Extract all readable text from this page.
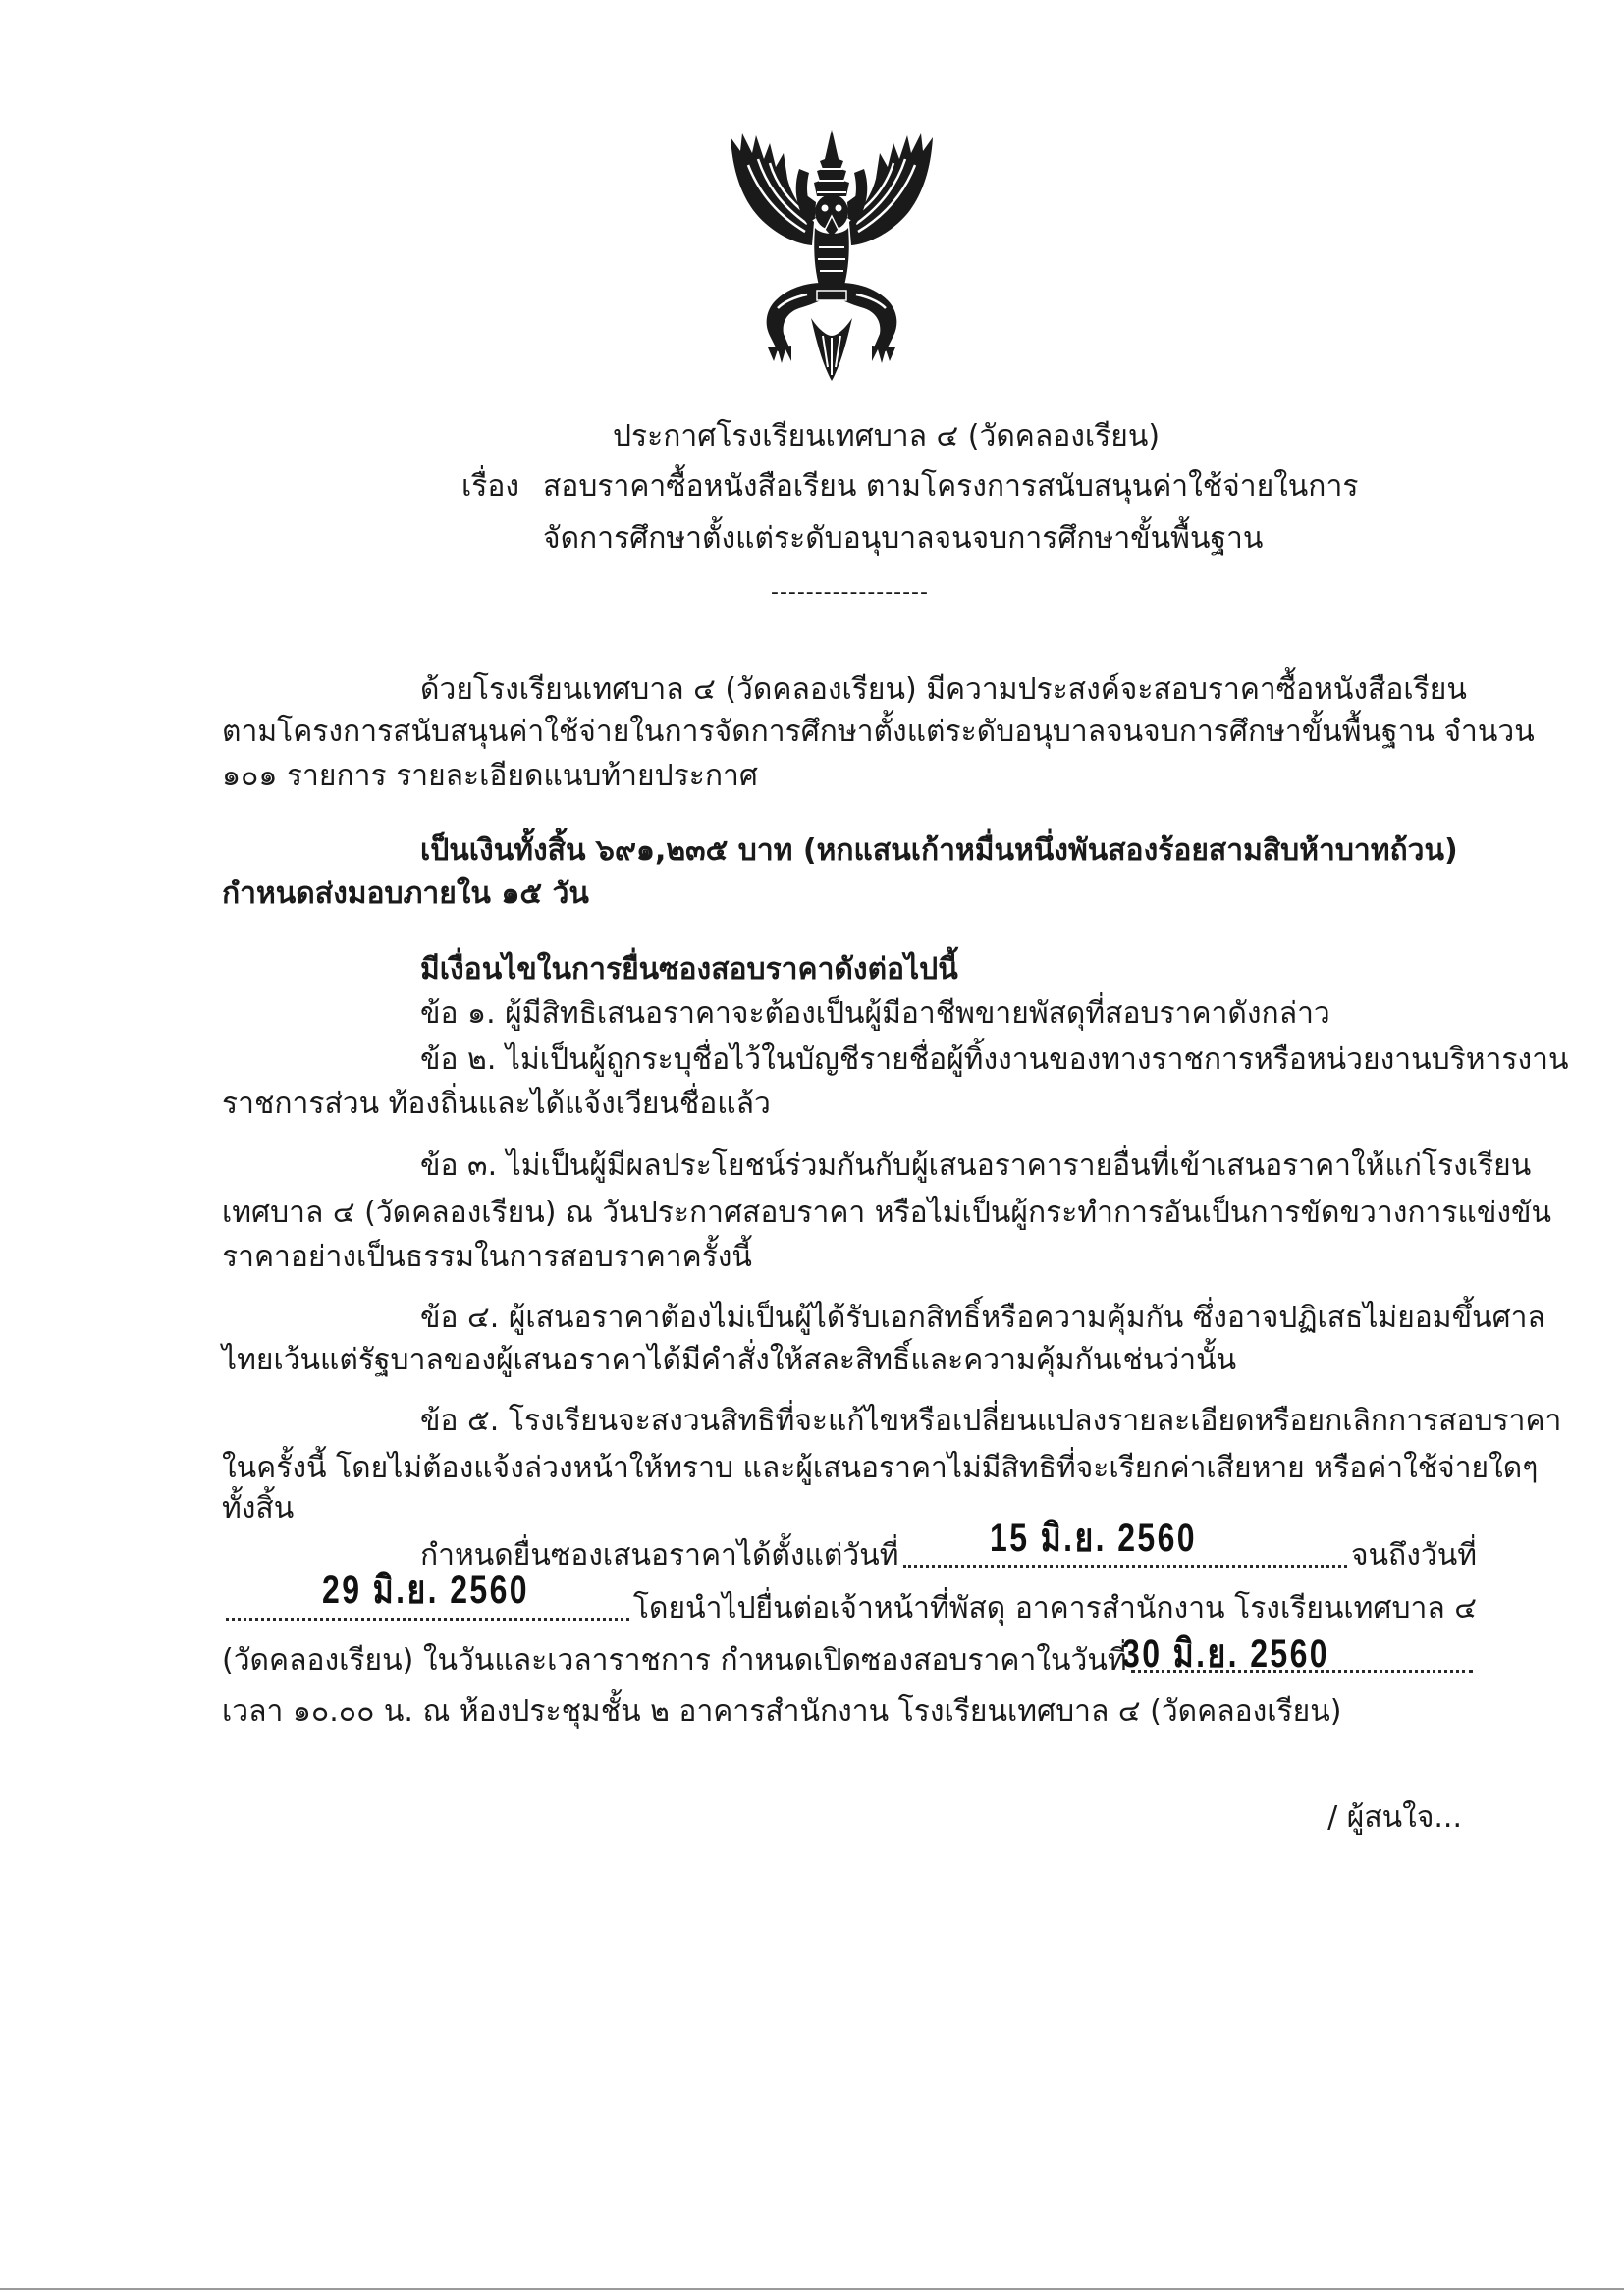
ประกาศโรงเรียนเทศบาล ๔ (วัดคลองเรียน)
เรื่อง สอบราคาซื้อหนังสือเรียน ตามโครงการสนับสนุนค่าใช้จ่ายในการ
จัดการศึกษาตั้งแต่ระดับอนุบาลจนจบการศึกษาขั้นพื้นฐาน
------------------
ด้วยโรงเรียนเทศบาล ๔ (วัดคลองเรียน) มีความประสงค์จะสอบราคาซื้อหนังสือเรียน
ตามโครงการสนับสนุนค่าใช้จ่ายในการจัดการศึกษาตั้งแต่ระดับอนุบาลจนจบการศึกษาขั้นพื้นฐาน จำนวน
๑๐๑ รายการ รายละเอียดแนบท้ายประกาศ
เป็นเงินทั้งสิ้น ๖๙๑,๒๓๕ บาท (หกแสนเก้าหมื่นหนึ่งพันสองร้อยสามสิบห้าบาทถ้วน)
กำหนดส่งมอบภายใน ๑๕ วัน
มีเงื่อนไขในการยื่นซองสอบราคาดังต่อไปนี้
ข้อ ๑. ผู้มีสิทธิเสนอราคาจะต้องเป็นผู้มีอาชีพขายพัสดุที่สอบราคาดังกล่าว
ข้อ ๒. ไม่เป็นผู้ถูกระบุชื่อไว้ในบัญชีรายชื่อผู้ทิ้งงานของทางราชการหรือหน่วยงานบริหารงาน
ราชการส่วน ท้องถิ่นและได้แจ้งเวียนชื่อแล้ว
ข้อ ๓. ไม่เป็นผู้มีผลประโยชน์ร่วมกันกับผู้เสนอราคารายอื่นที่เข้าเสนอราคาให้แก่โรงเรียน
เทศบาล ๔ (วัดคลองเรียน) ณ วันประกาศสอบราคา หรือไม่เป็นผู้กระทำการอันเป็นการขัดขวางการแข่งขัน
ราคาอย่างเป็นธรรมในการสอบราคาครั้งนี้
ข้อ ๔. ผู้เสนอราคาต้องไม่เป็นผู้ได้รับเอกสิทธิ์หรือความคุ้มกัน ซึ่งอาจปฏิเสธไม่ยอมขึ้นศาล
ไทยเว้นแต่รัฐบาลของผู้เสนอราคาได้มีคำสั่งให้สละสิทธิ์และความคุ้มกันเช่นว่านั้น
ข้อ ๕. โรงเรียนจะสงวนสิทธิที่จะแก้ไขหรือเปลี่ยนแปลงรายละเอียดหรือยกเลิกการสอบราคา
ในครั้งนี้ โดยไม่ต้องแจ้งล่วงหน้าให้ทราบ และผู้เสนอราคาไม่มีสิทธิที่จะเรียกค่าเสียหาย หรือค่าใช้จ่ายใดๆ
ทั้งสิ้น
กำหนดยื่นซองเสนอราคาได้ตั้งแต่วันที่	จนถึงวันที่
โดยนำไปยื่นต่อเจ้าหน้าที่พัสดุ อาคารสำนักงาน โรงเรียนเทศบาล ๔
(วัดคลองเรียน) ในวันและเวลาราชการ กำหนดเปิดซองสอบราคาในวันที่
เวลา ๑๐.๐๐ น. ณ ห้องประชุมชั้น ๒ อาคารสำนักงาน โรงเรียนเทศบาล ๔ (วัดคลองเรียน)
15 มิ.ย. 2560
29 มิ.ย. 2560
30 มิ.ย. 2560
/ ผู้สนใจ...
